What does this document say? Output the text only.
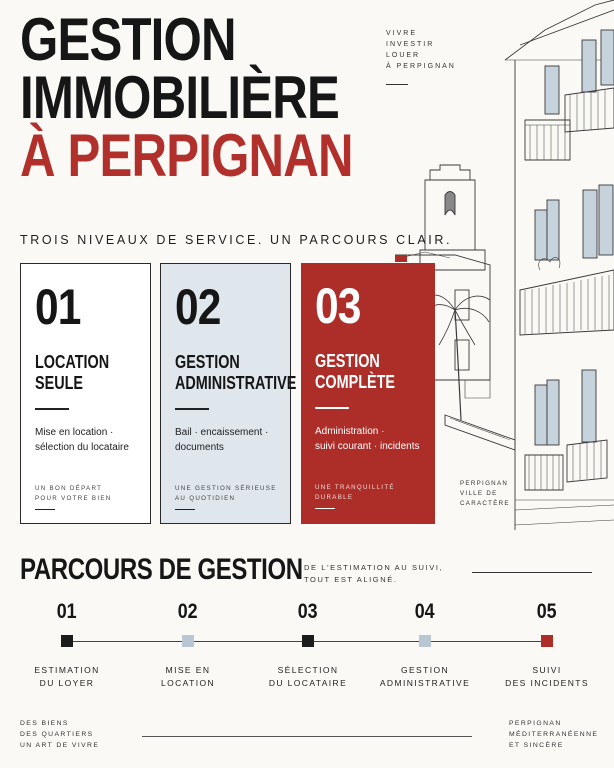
GESTION
IMMOBILIÈRE
À PERPIGNAN
VIVRE
INVESTIR
LOUER
À PERPIGNAN
TROIS NIVEAUX DE SERVICE. UN PARCOURS CLAIR.
01
LOCATION
SEULE
Mise en location ·
sélection du locataire
UN BON DÉPART
POUR VOTRE BIEN
02
GESTION
ADMINISTRATIVE
Bail · encaissement ·
documents
UNE GESTION SÉRIEUSE
AU QUOTIDIEN
03
GESTION
COMPLÈTE
Administration ·
suivi courant · incidents
UNE TRANQUILLITÉ
DURABLE
PERPIGNAN
VILLE DE
CARACTÈRE
PARCOURS DE GESTION DE L'ESTIMATION AU SUIVI,
TOUT EST ALIGNÉ.
01
ESTIMATION
DU LOYER
02
MISE EN
LOCATION
03
SÉLECTION
DU LOCATAIRE
04
GESTION
ADMINISTRATIVE
05
SUIVI
DES INCIDENTS
DES BIENS
DES QUARTIERS
UN ART DE VIVRE
PERPIGNAN
MÉDITERRANÉENNE
ET SINCÈRE
